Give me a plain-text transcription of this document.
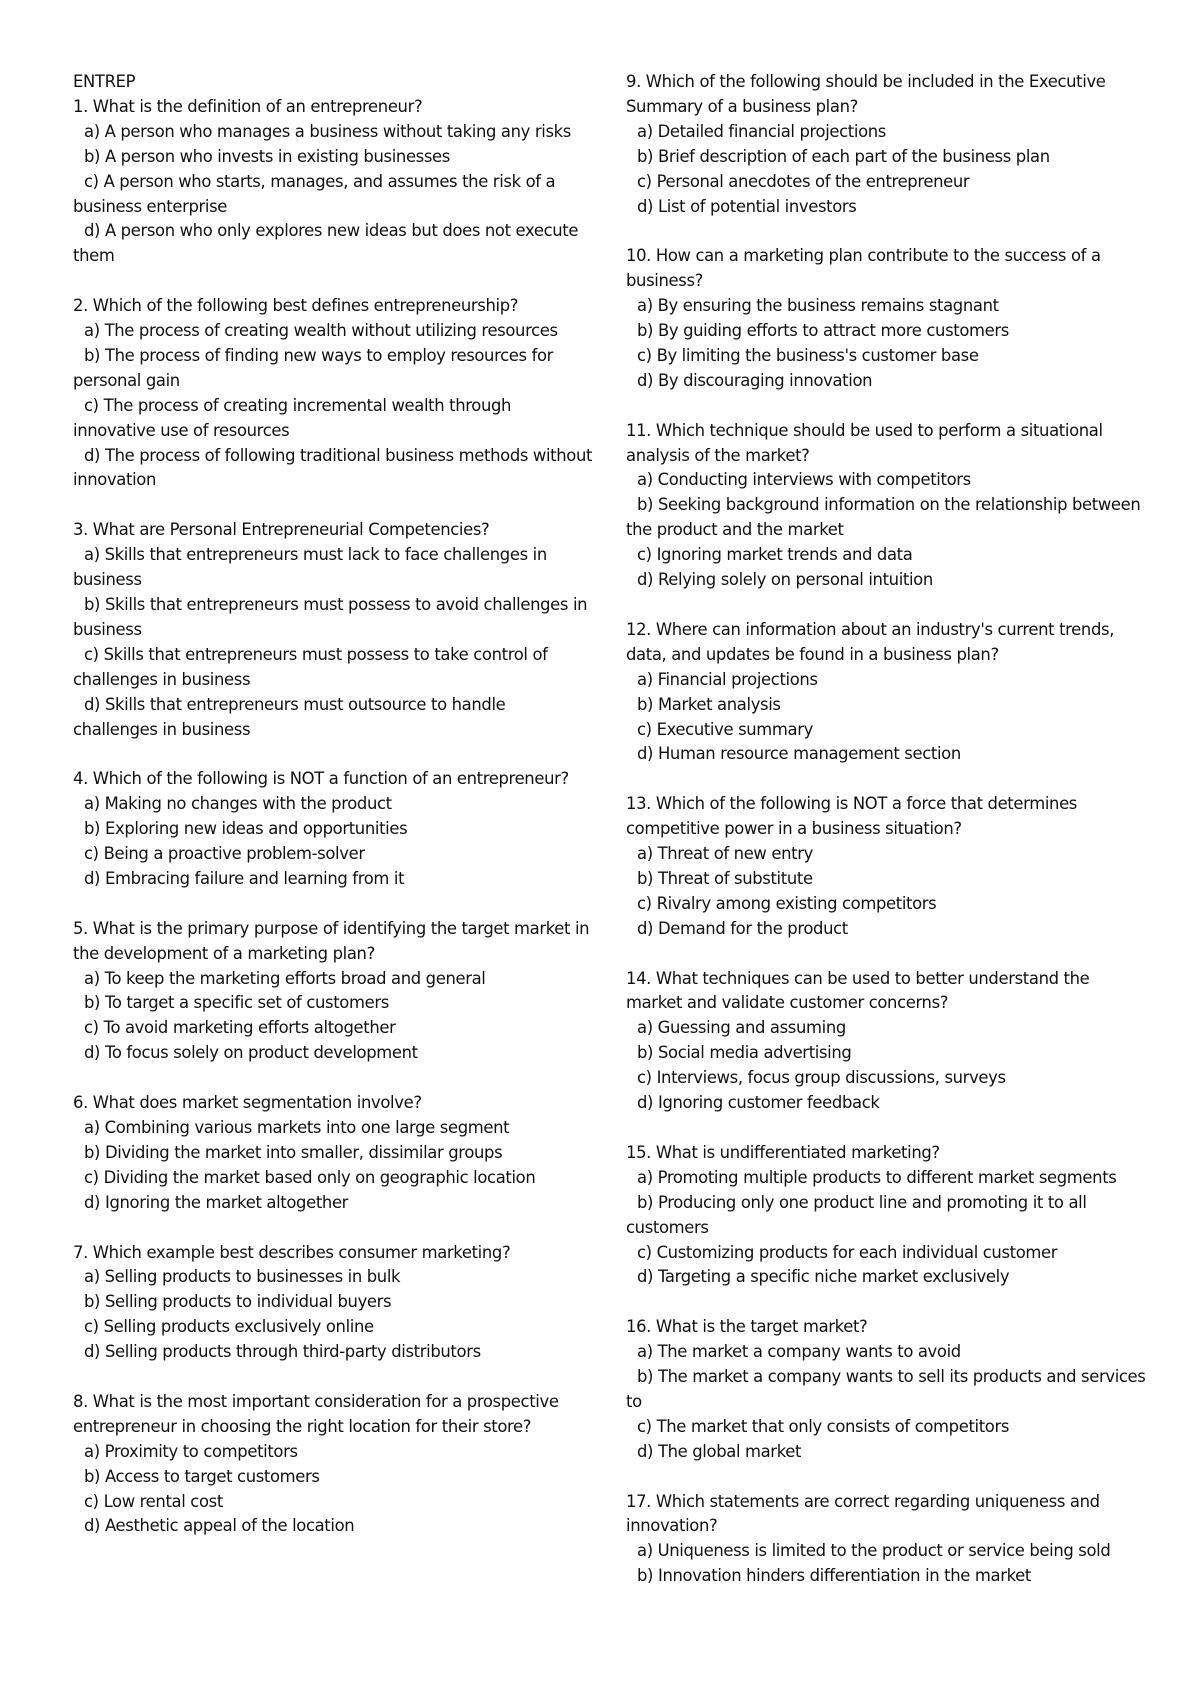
ENTREP
1. What is the definition of an entrepreneur?
a) A person who manages a business without taking any risks
b) A person who invests in existing businesses
c) A person who starts, manages, and assumes the risk of a business enterprise
d) A person who only explores new ideas but does not execute them
2. Which of the following best defines entrepreneurship?
a) The process of creating wealth without utilizing resources
b) The process of finding new ways to employ resources for personal gain
c) The process of creating incremental wealth through innovative use of resources
d) The process of following traditional business methods without innovation
3. What are Personal Entrepreneurial Competencies?
a) Skills that entrepreneurs must lack to face challenges in business
b) Skills that entrepreneurs must possess to avoid challenges in business
c) Skills that entrepreneurs must possess to take control of challenges in business
d) Skills that entrepreneurs must outsource to handle challenges in business
4. Which of the following is NOT a function of an entrepreneur?
a) Making no changes with the product
b) Exploring new ideas and opportunities
c) Being a proactive problem-solver
d) Embracing failure and learning from it
5. What is the primary purpose of identifying the target market in the development of a marketing plan?
a) To keep the marketing efforts broad and general
b) To target a specific set of customers
c) To avoid marketing efforts altogether
d) To focus solely on product development
6. What does market segmentation involve?
a) Combining various markets into one large segment
b) Dividing the market into smaller, dissimilar groups
c) Dividing the market based only on geographic location
d) Ignoring the market altogether
7. Which example best describes consumer marketing?
a) Selling products to businesses in bulk
b) Selling products to individual buyers
c) Selling products exclusively online
d) Selling products through third-party distributors
8. What is the most important consideration for a prospective entrepreneur in choosing the right location for their store?
a) Proximity to competitors
b) Access to target customers
c) Low rental cost
d) Aesthetic appeal of the location
9. Which of the following should be included in the Executive Summary of a business plan?
a) Detailed financial projections
b) Brief description of each part of the business plan
c) Personal anecdotes of the entrepreneur
d) List of potential investors
10. How can a marketing plan contribute to the success of a business?
a) By ensuring the business remains stagnant
b) By guiding efforts to attract more customers
c) By limiting the business's customer base
d) By discouraging innovation
11. Which technique should be used to perform a situational analysis of the market?
a) Conducting interviews with competitors
b) Seeking background information on the relationship between the product and the market
c) Ignoring market trends and data
d) Relying solely on personal intuition
12. Where can information about an industry's current trends, data, and updates be found in a business plan?
a) Financial projections
b) Market analysis
c) Executive summary
d) Human resource management section
13. Which of the following is NOT a force that determines competitive power in a business situation?
a) Threat of new entry
b) Threat of substitute
c) Rivalry among existing competitors
d) Demand for the product
14. What techniques can be used to better understand the market and validate customer concerns?
a) Guessing and assuming
b) Social media advertising
c) Interviews, focus group discussions, surveys
d) Ignoring customer feedback
15. What is undifferentiated marketing?
a) Promoting multiple products to different market segments
b) Producing only one product line and promoting it to all customers
c) Customizing products for each individual customer
d) Targeting a specific niche market exclusively
16. What is the target market?
a) The market a company wants to avoid
b) The market a company wants to sell its products and services to
c) The market that only consists of competitors
d) The global market
17. Which statements are correct regarding uniqueness and innovation?
a) Uniqueness is limited to the product or service being sold
b) Innovation hinders differentiation in the market
